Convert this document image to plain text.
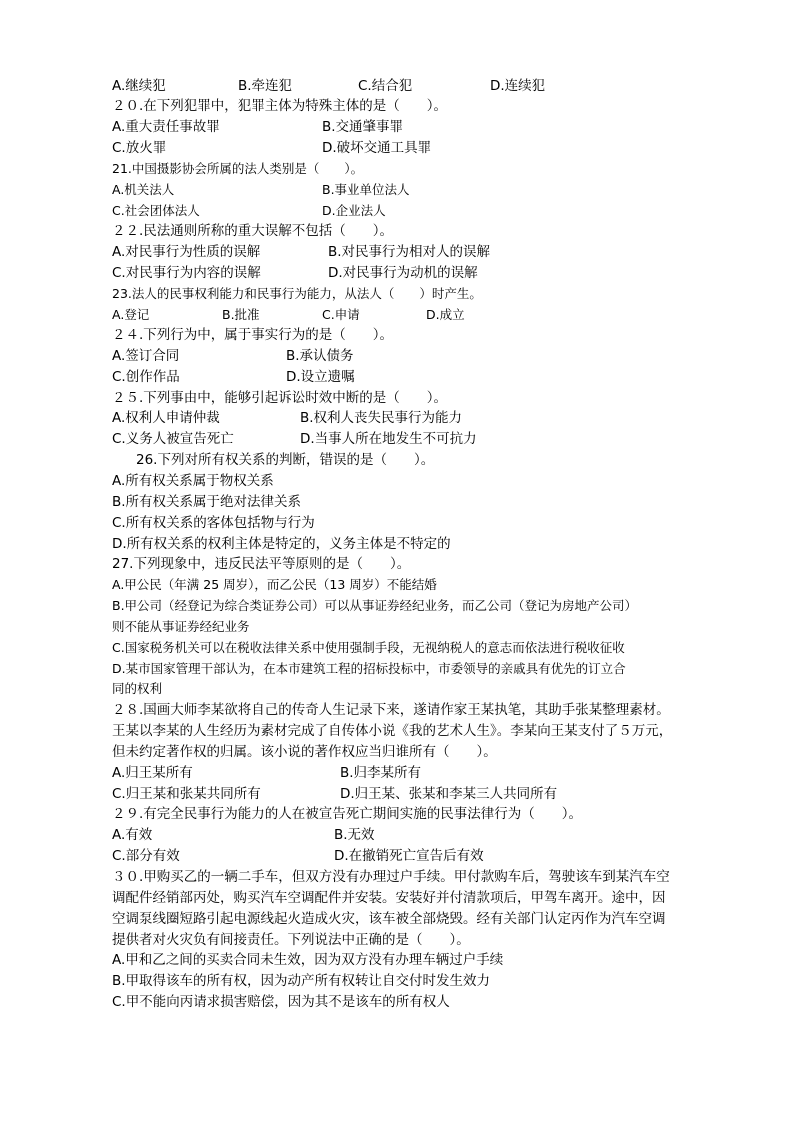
A.继续犯	B.牵连犯	C.结合犯	D.连续犯
２０.在下列犯罪中，犯罪主体为特殊主体的是（　　）。
A.重大责任事故罪	B.交通肇事罪
C.放火罪	D.破坏交通工具罪
21.中国摄影协会所属的法人类别是（　　）。
A.机关法人	B.事业单位法人
C.社会团体法人	D.企业法人
２２.民法通则所称的重大误解不包括（　　）。
A.对民事行为性质的误解	B.对民事行为相对人的误解
C.对民事行为内容的误解	D.对民事行为动机的误解
23.法人的民事权利能力和民事行为能力，从法人（　　）时产生。
A.登记	B.批准	C.申请	D.成立
２４.下列行为中，属于事实行为的是（　　）。
A.签订合同	B.承认债务
C.创作作品	D.设立遗嘱
２５.下列事由中，能够引起诉讼时效中断的是（　　）。
A.权利人申请仲裁	B.权利人丧失民事行为能力
C.义务人被宣告死亡	D.当事人所在地发生不可抗力
26.下列对所有权关系的判断，错误的是（　　）。
A.所有权关系属于物权关系
B.所有权关系属于绝对法律关系
C.所有权关系的客体包括物与行为
D.所有权关系的权利主体是特定的，义务主体是不特定的
27.下列现象中，违反民法平等原则的是（　　）。
A.甲公民（年满 25 周岁），而乙公民（13 周岁）不能结婚
B.甲公司（经登记为综合类证券公司）可以从事证券经纪业务，而乙公司（登记为房地产公司）
则不能从事证券经纪业务
C.国家税务机关可以在税收法律关系中使用强制手段，无视纳税人的意志而依法进行税收征收
D.某市国家管理干部认为，在本市建筑工程的招标投标中，市委领导的亲戚具有优先的订立合
同的权利
２８.国画大师李某欲将自己的传奇人生记录下来，遂请作家王某执笔，其助手张某整理素材。
王某以李某的人生经历为素材完成了自传体小说《我的艺术人生》。李某向王某支付了５万元，
但未约定著作权的归属。该小说的著作权应当归谁所有（　　）。
A.归王某所有	B.归李某所有
C.归王某和张某共同所有	D.归王某、张某和李某三人共同所有
２９.有完全民事行为能力的人在被宣告死亡期间实施的民事法律行为（　　）。
A.有效	B.无效
C.部分有效	D.在撤销死亡宣告后有效
３０.甲购买乙的一辆二手车，但双方没有办理过户手续。甲付款购车后，驾驶该车到某汽车空
调配件经销部丙处，购买汽车空调配件并安装。安装好并付清款项后，甲驾车离开。途中，因
空调泵线圈短路引起电源线起火造成火灾，该车被全部烧毁。经有关部门认定丙作为汽车空调
提供者对火灾负有间接责任。下列说法中正确的是（　　）。
A.甲和乙之间的买卖合同未生效，因为双方没有办理车辆过户手续
B.甲取得该车的所有权，因为动产所有权转让自交付时发生效力
C.甲不能向丙请求损害赔偿，因为其不是该车的所有权人
